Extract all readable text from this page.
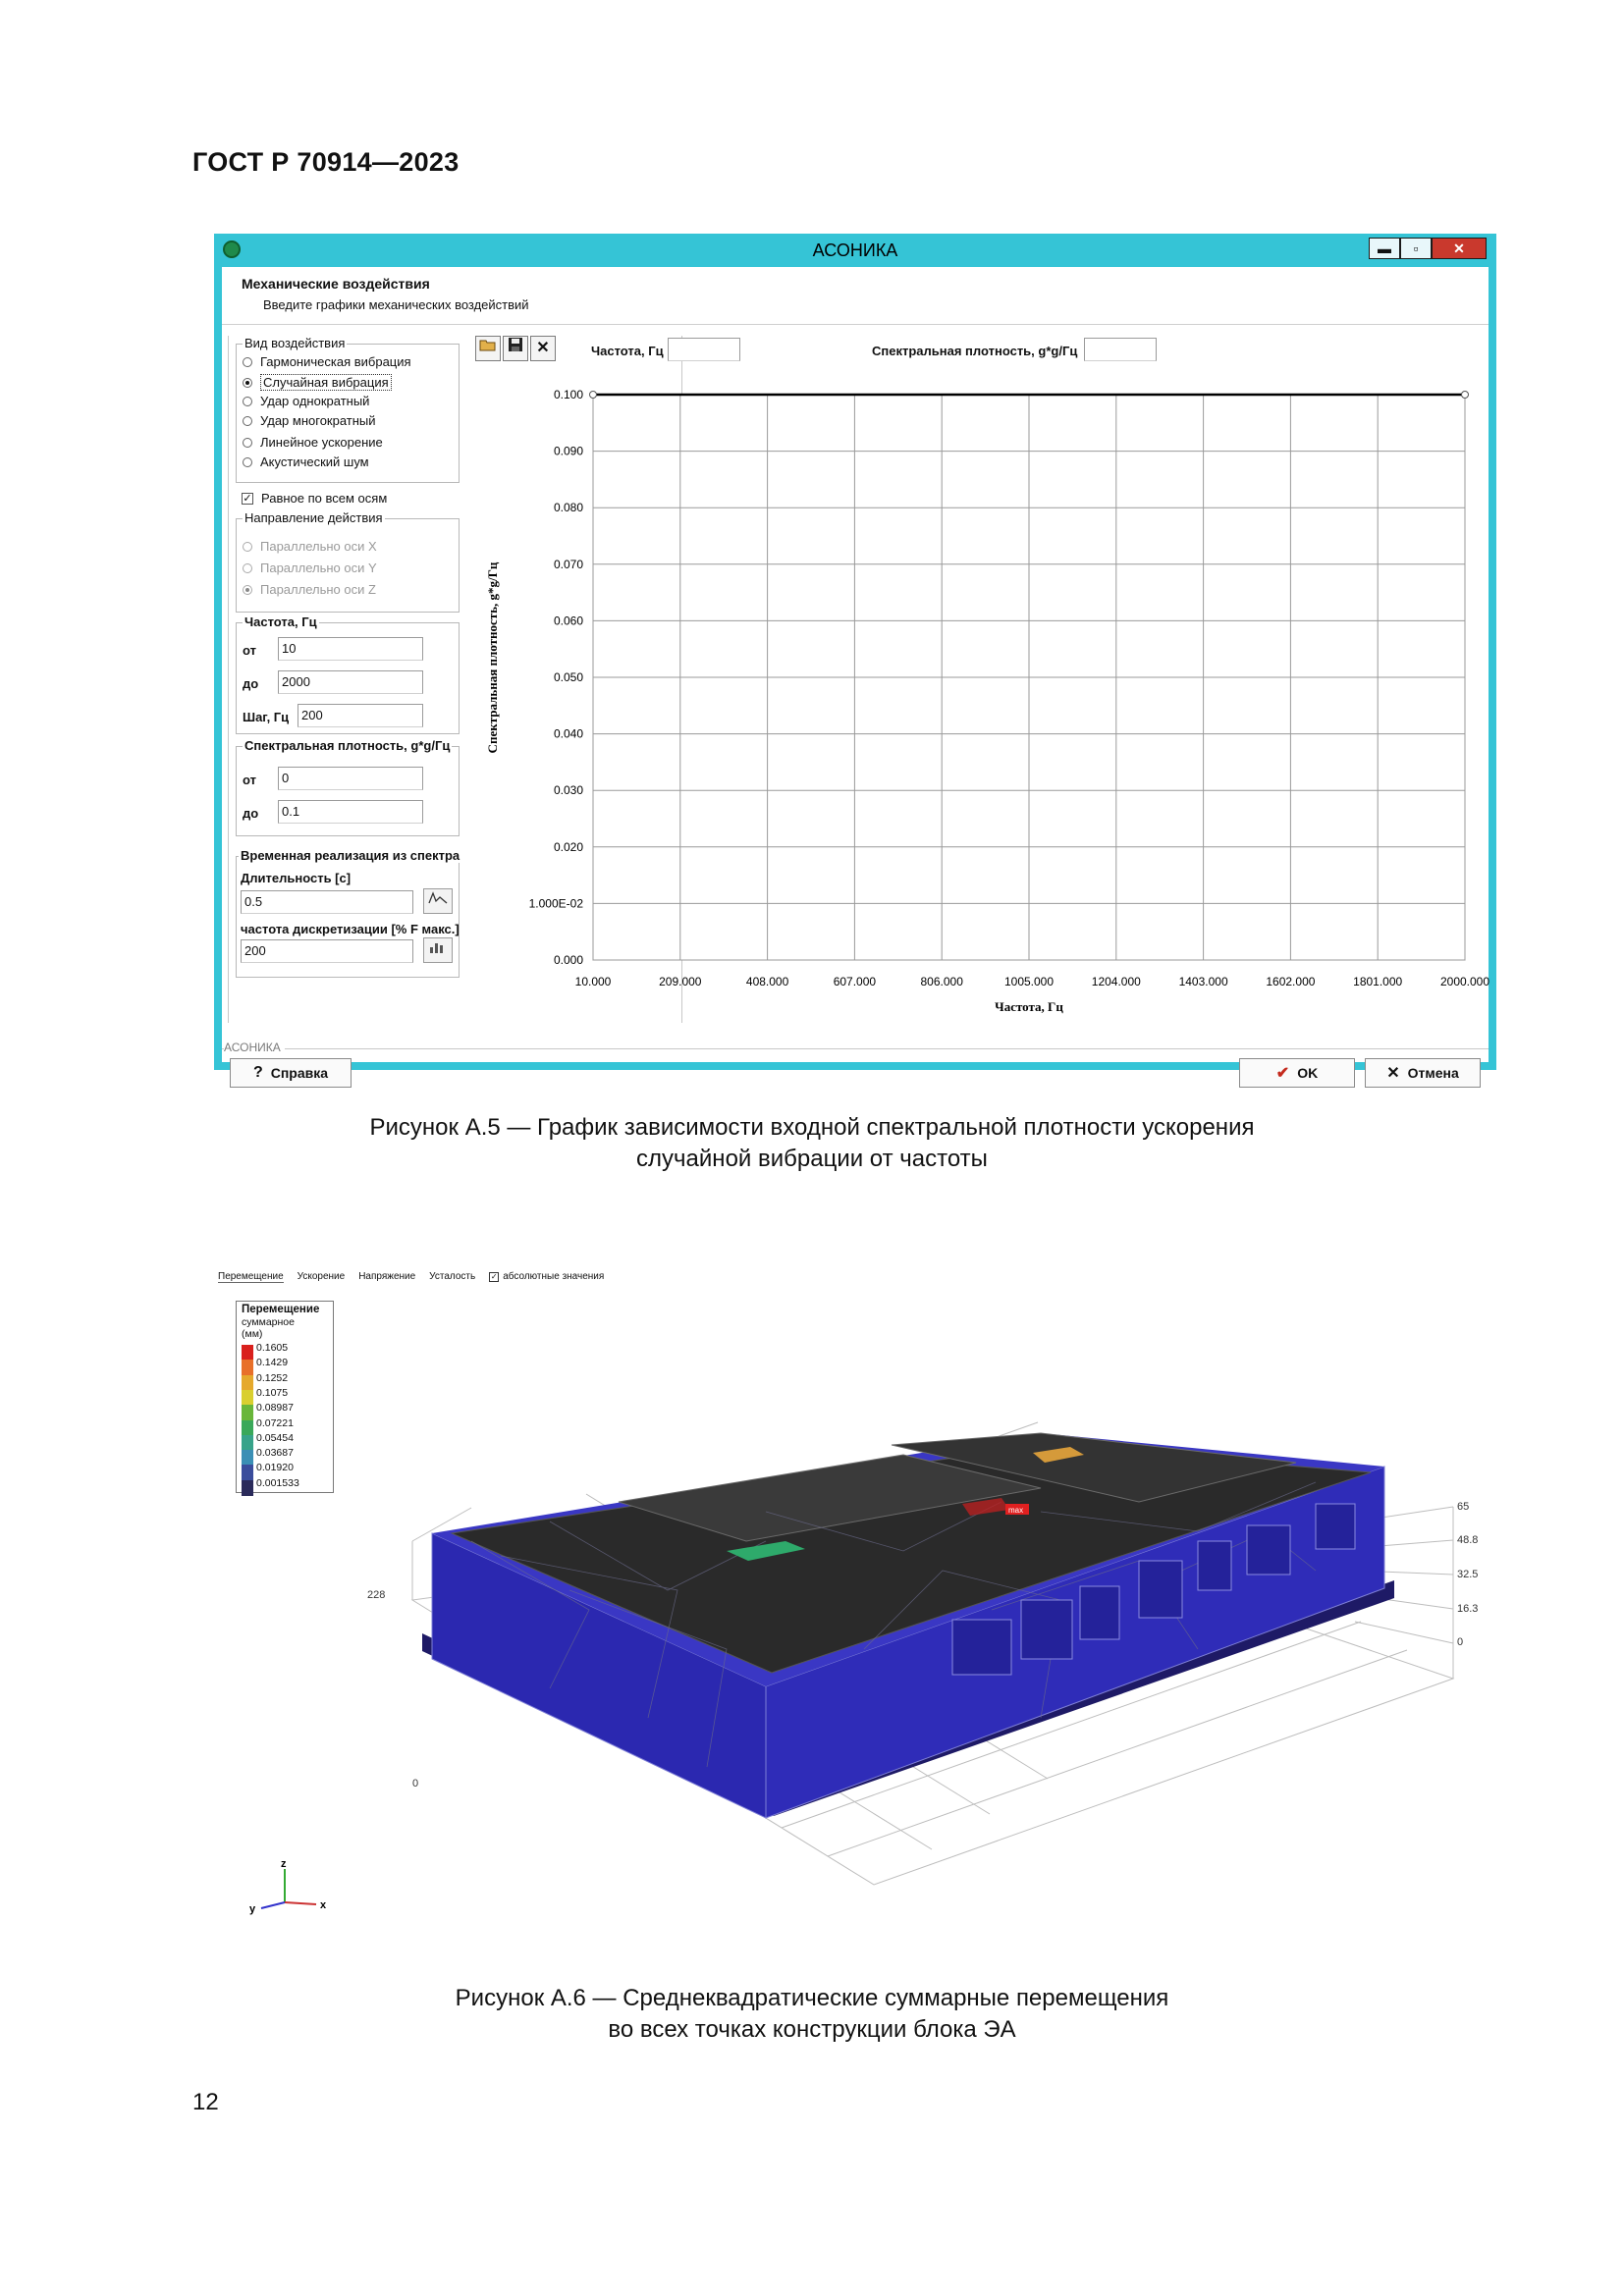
ГОСТ Р 70914—2023
АСОНИКА	▬	▫	✕
Механические воздействия
Введите графики механических воздействий
Вид воздействия
Гармоническая вибрация
Случайная вибрация
Удар однократный
Удар многократный
Линейное ускорение
Акустический шум
✓ Равное по всем осям
Направление действия
Параллельно оси X
Параллельно оси Y
Параллельно оси Z
Частота, Гц
от	10
до	2000
Шаг, Гц 200
Спектральная плотность, g*g/Гц
от	0
до	0.1
Временная реализация из спектра
Длительность [с]
0.5
частота дискретизации [% F макс.]
200
✕	Частота, Гц	Спектральная плотность, g*g/Гц
10.000	209.000	408.000	607.000	806.000	1005.000	1204.000	1403.000	1602.000	1801.000	2000.000
0.000
1.000E-02
0.020
0.030
0.040
0.050
0.060
0.070
0.080
0.090
0.100
Частота, Гц
Спектральная плотность, g*g/Гц
АСОНИКА
? Справка	✔ OK	✕ Отмена
Рисунок А.5 — График зависимости входной спектральной плотности ускорения
случайной вибрации от частоты
Перемещение Ускорение Напряжение Усталость ✓ абсолютные значения
Перемещение
суммарное
(мм)
0.1605
0.1429
0.1252
0.1075
0.08987
0.07221
0.05454
0.03687
0.01920
0.001533
max	65
48.8
32.5
16.3
0
228
0
z
y	x
Рисунок А.6 — Среднеквадратические суммарные перемещения
во всех точках конструкции блока ЭА
12
